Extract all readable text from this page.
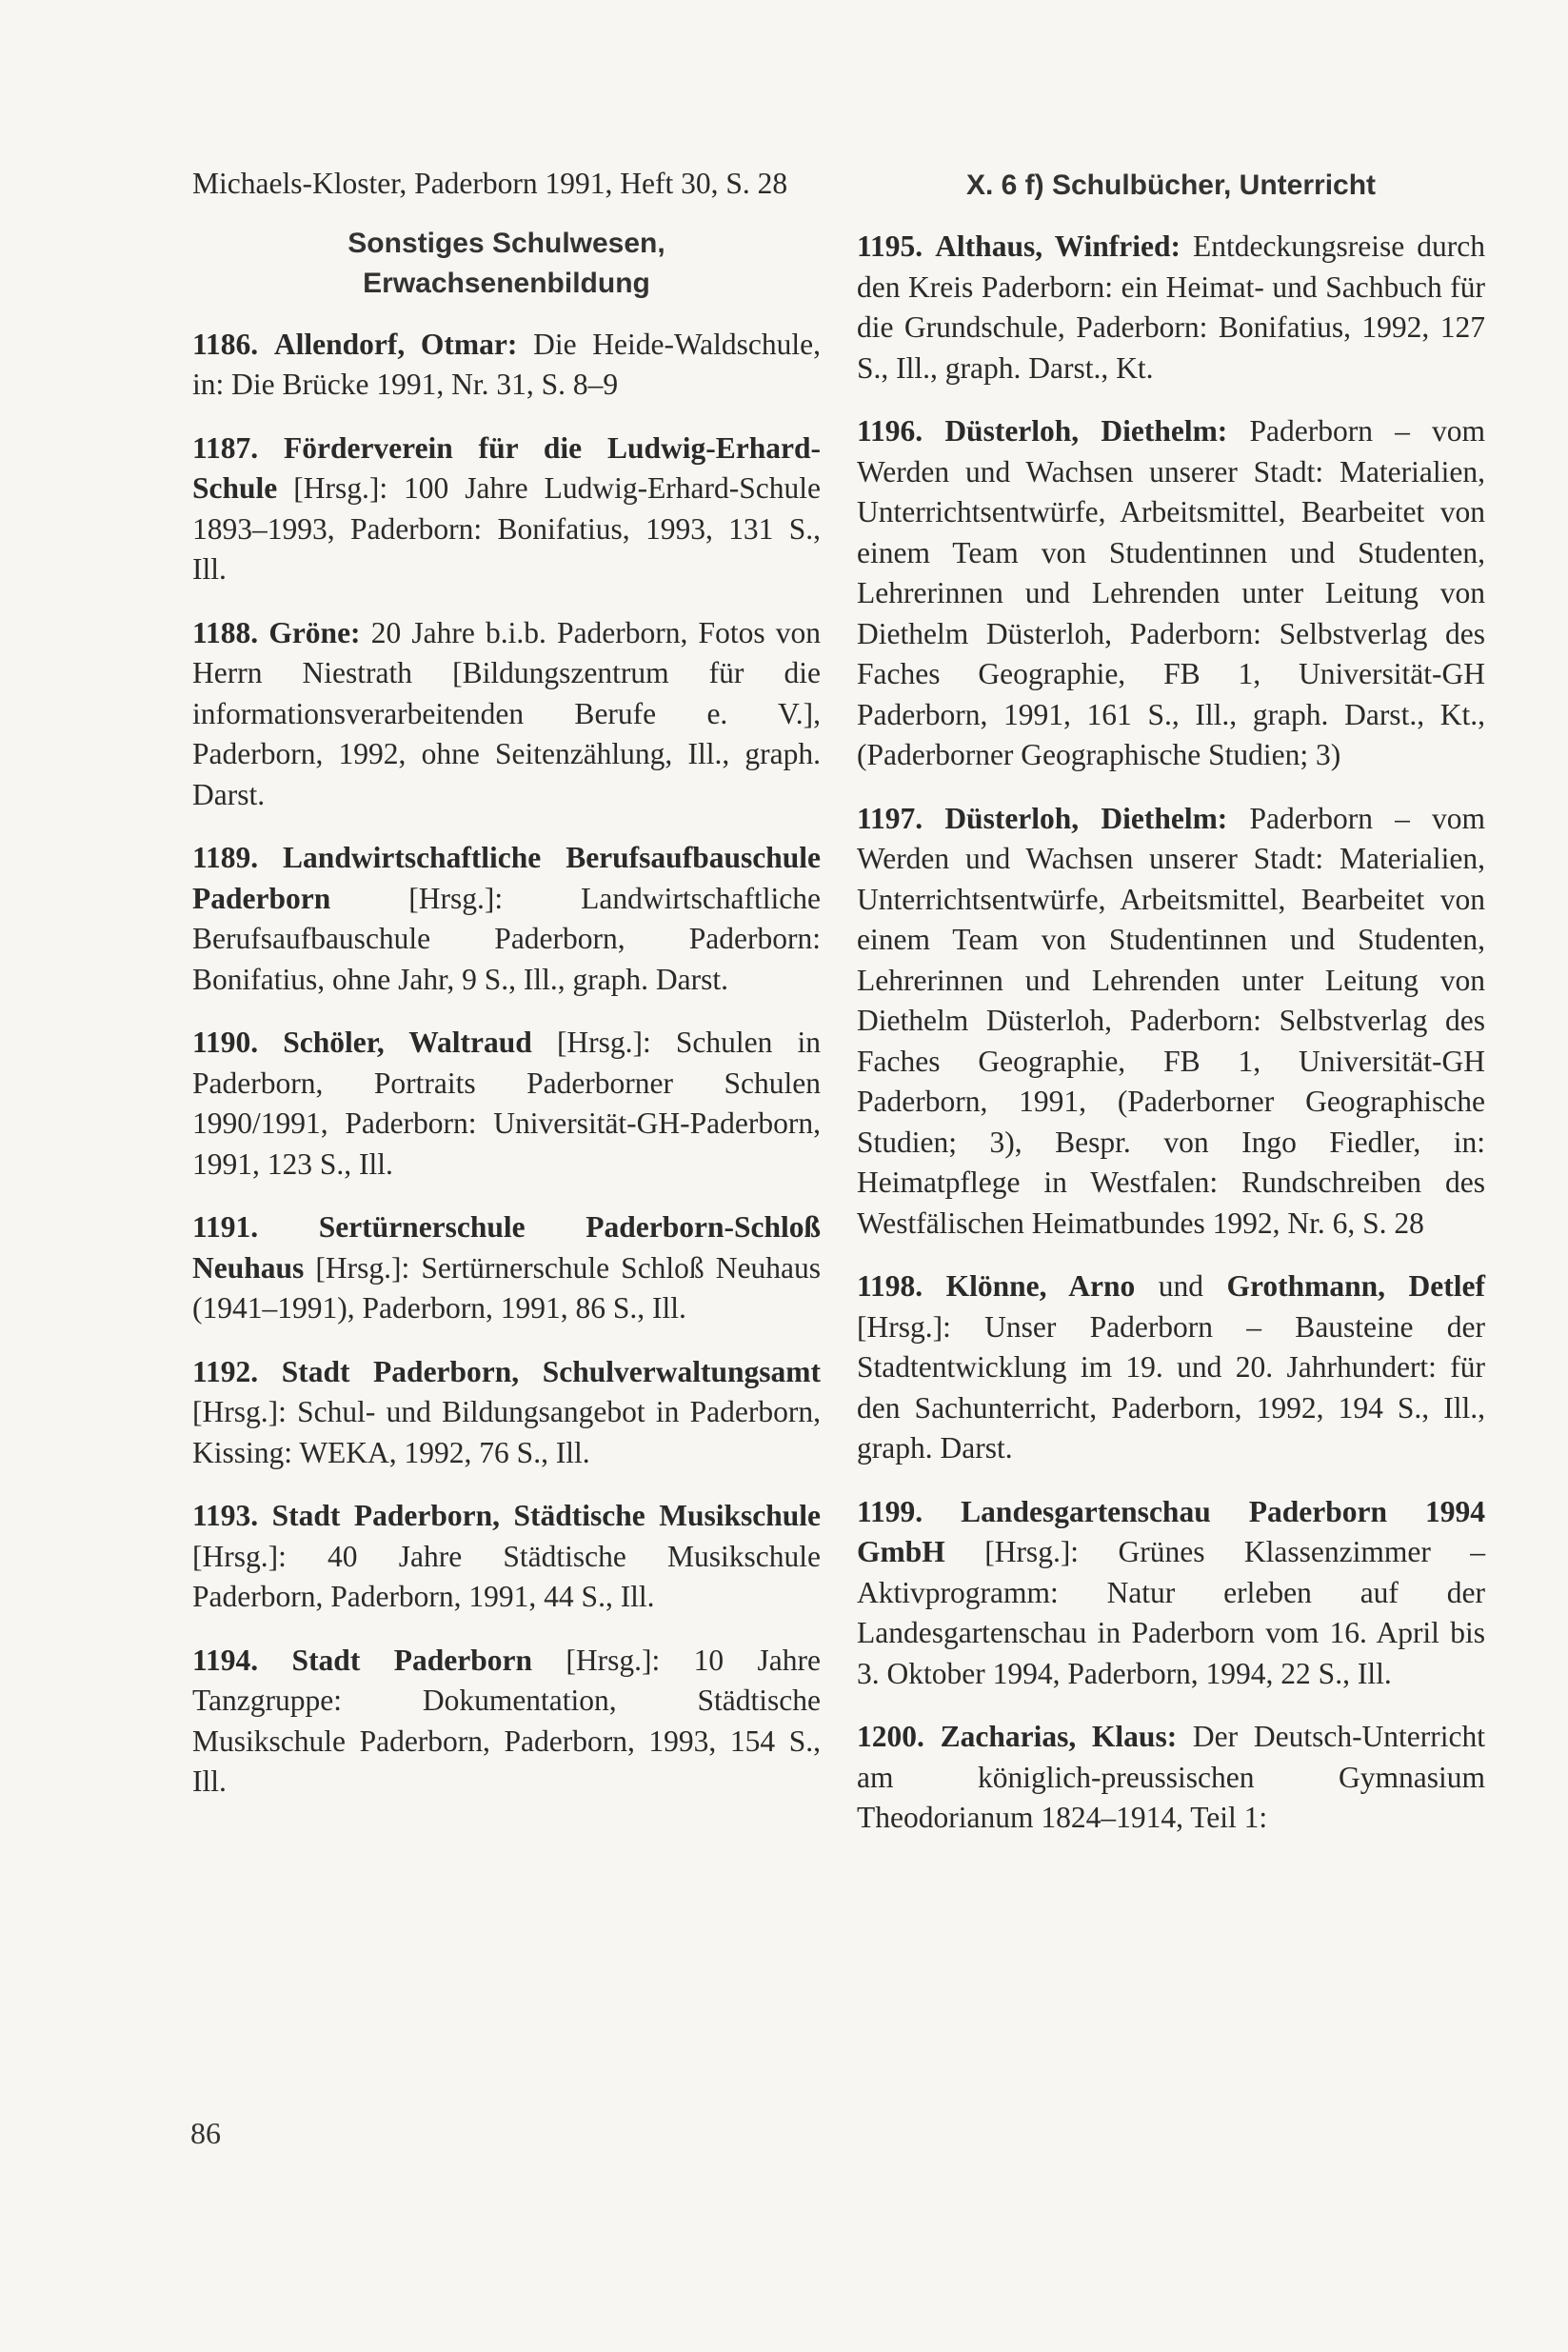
Michaels-Kloster, Paderborn 1991, Heft 30, S. 28

Sonstiges Schulwesen,
Erwachsenenbildung

1186. Allendorf, Otmar: Die Heide-Waldschule, in: Die Brücke 1991, Nr. 31, S. 8–9

1187. Förderverein für die Ludwig-Erhard-Schule [Hrsg.]: 100 Jahre Ludwig-Erhard-Schule 1893–1993, Paderborn: Bonifatius, 1993, 131 S., Ill.

1188. Gröne: 20 Jahre b.i.b. Paderborn, Fotos von Herrn Niestrath [Bildungszentrum für die informationsverarbeitenden Berufe e. V.], Paderborn, 1992, ohne Seitenzählung, Ill., graph. Darst.

1189. Landwirtschaftliche Berufsaufbauschule Paderborn	[Hrsg.]: Landwirtschaftliche Berufsaufbauschule Paderborn, Paderborn: Bonifatius, ohne Jahr, 9 S., Ill., graph. Darst.

1190. Schöler, Waltraud [Hrsg.]: Schulen in Paderborn, Portraits Paderborner Schulen 1990/1991, Paderborn: Universität-GH-Paderborn, 1991, 123 S., Ill.

1191. Sertürnerschule Paderborn-Schloß Neuhaus [Hrsg.]: Sertürnerschule Schloß Neuhaus (1941–1991), Paderborn, 1991, 86 S., Ill.

1192. Stadt Paderborn, Schulverwaltungsamt [Hrsg.]: Schul- und Bildungsangebot in Paderborn, Kissing: WEKA, 1992, 76 S., Ill.

1193. Stadt Paderborn, Städtische Musikschule [Hrsg.]: 40 Jahre Städtische Musikschule Paderborn, Paderborn, 1991, 44 S., Ill.

1194. Stadt Paderborn [Hrsg.]: 10 Jahre Tanzgruppe: Dokumentation, Städtische Musikschule Paderborn, Paderborn, 1993, 154 S., Ill.

X. 6 f) Schulbücher, Unterricht

1195. Althaus, Winfried: Entdeckungsreise durch den Kreis Paderborn: ein Heimat- und Sachbuch für die Grundschule, Paderborn: Bonifatius, 1992, 127 S., Ill., graph. Darst., Kt.

1196. Düsterloh, Diethelm: Paderborn – vom Werden und Wachsen unserer Stadt: Materialien, Unterrichtsentwürfe, Arbeitsmittel, Bearbeitet von einem Team von Studentinnen und Studenten, Lehrerinnen und Lehrenden unter Leitung von Diethelm Düsterloh, Paderborn: Selbstverlag des Faches Geographie, FB 1, Universität-GH Paderborn, 1991, 161 S., Ill., graph. Darst., Kt., (Paderborner Geographische Studien; 3)

1197. Düsterloh, Diethelm: Paderborn – vom Werden und Wachsen unserer Stadt: Materialien, Unterrichtsentwürfe, Arbeitsmittel, Bearbeitet von einem Team von Studentinnen und Studenten, Lehrerinnen und Lehrenden unter Leitung von Diethelm Düsterloh, Paderborn: Selbstverlag des Faches Geographie, FB 1, Universität-GH Paderborn, 1991, (Paderborner Geographische Studien; 3), Bespr. von Ingo Fiedler, in: Heimatpflege in Westfalen: Rundschreiben des Westfälischen Heimatbundes 1992, Nr. 6, S. 28

1198. Klönne, Arno und Grothmann, Detlef [Hrsg.]: Unser Paderborn – Bausteine der Stadtentwicklung im 19. und 20. Jahrhundert: für den Sachunterricht, Paderborn, 1992, 194 S., Ill., graph. Darst.

1199. Landesgartenschau Paderborn 1994 GmbH [Hrsg.]: Grünes Klassenzimmer – Aktivprogramm: Natur erleben auf der Landesgartenschau in Paderborn vom 16. April bis 3. Oktober 1994, Paderborn, 1994, 22 S., Ill.

1200. Zacharias, Klaus: Der Deutsch-Unterricht am königlich-preussischen Gymnasium Theodorianum 1824–1914, Teil 1:

86
